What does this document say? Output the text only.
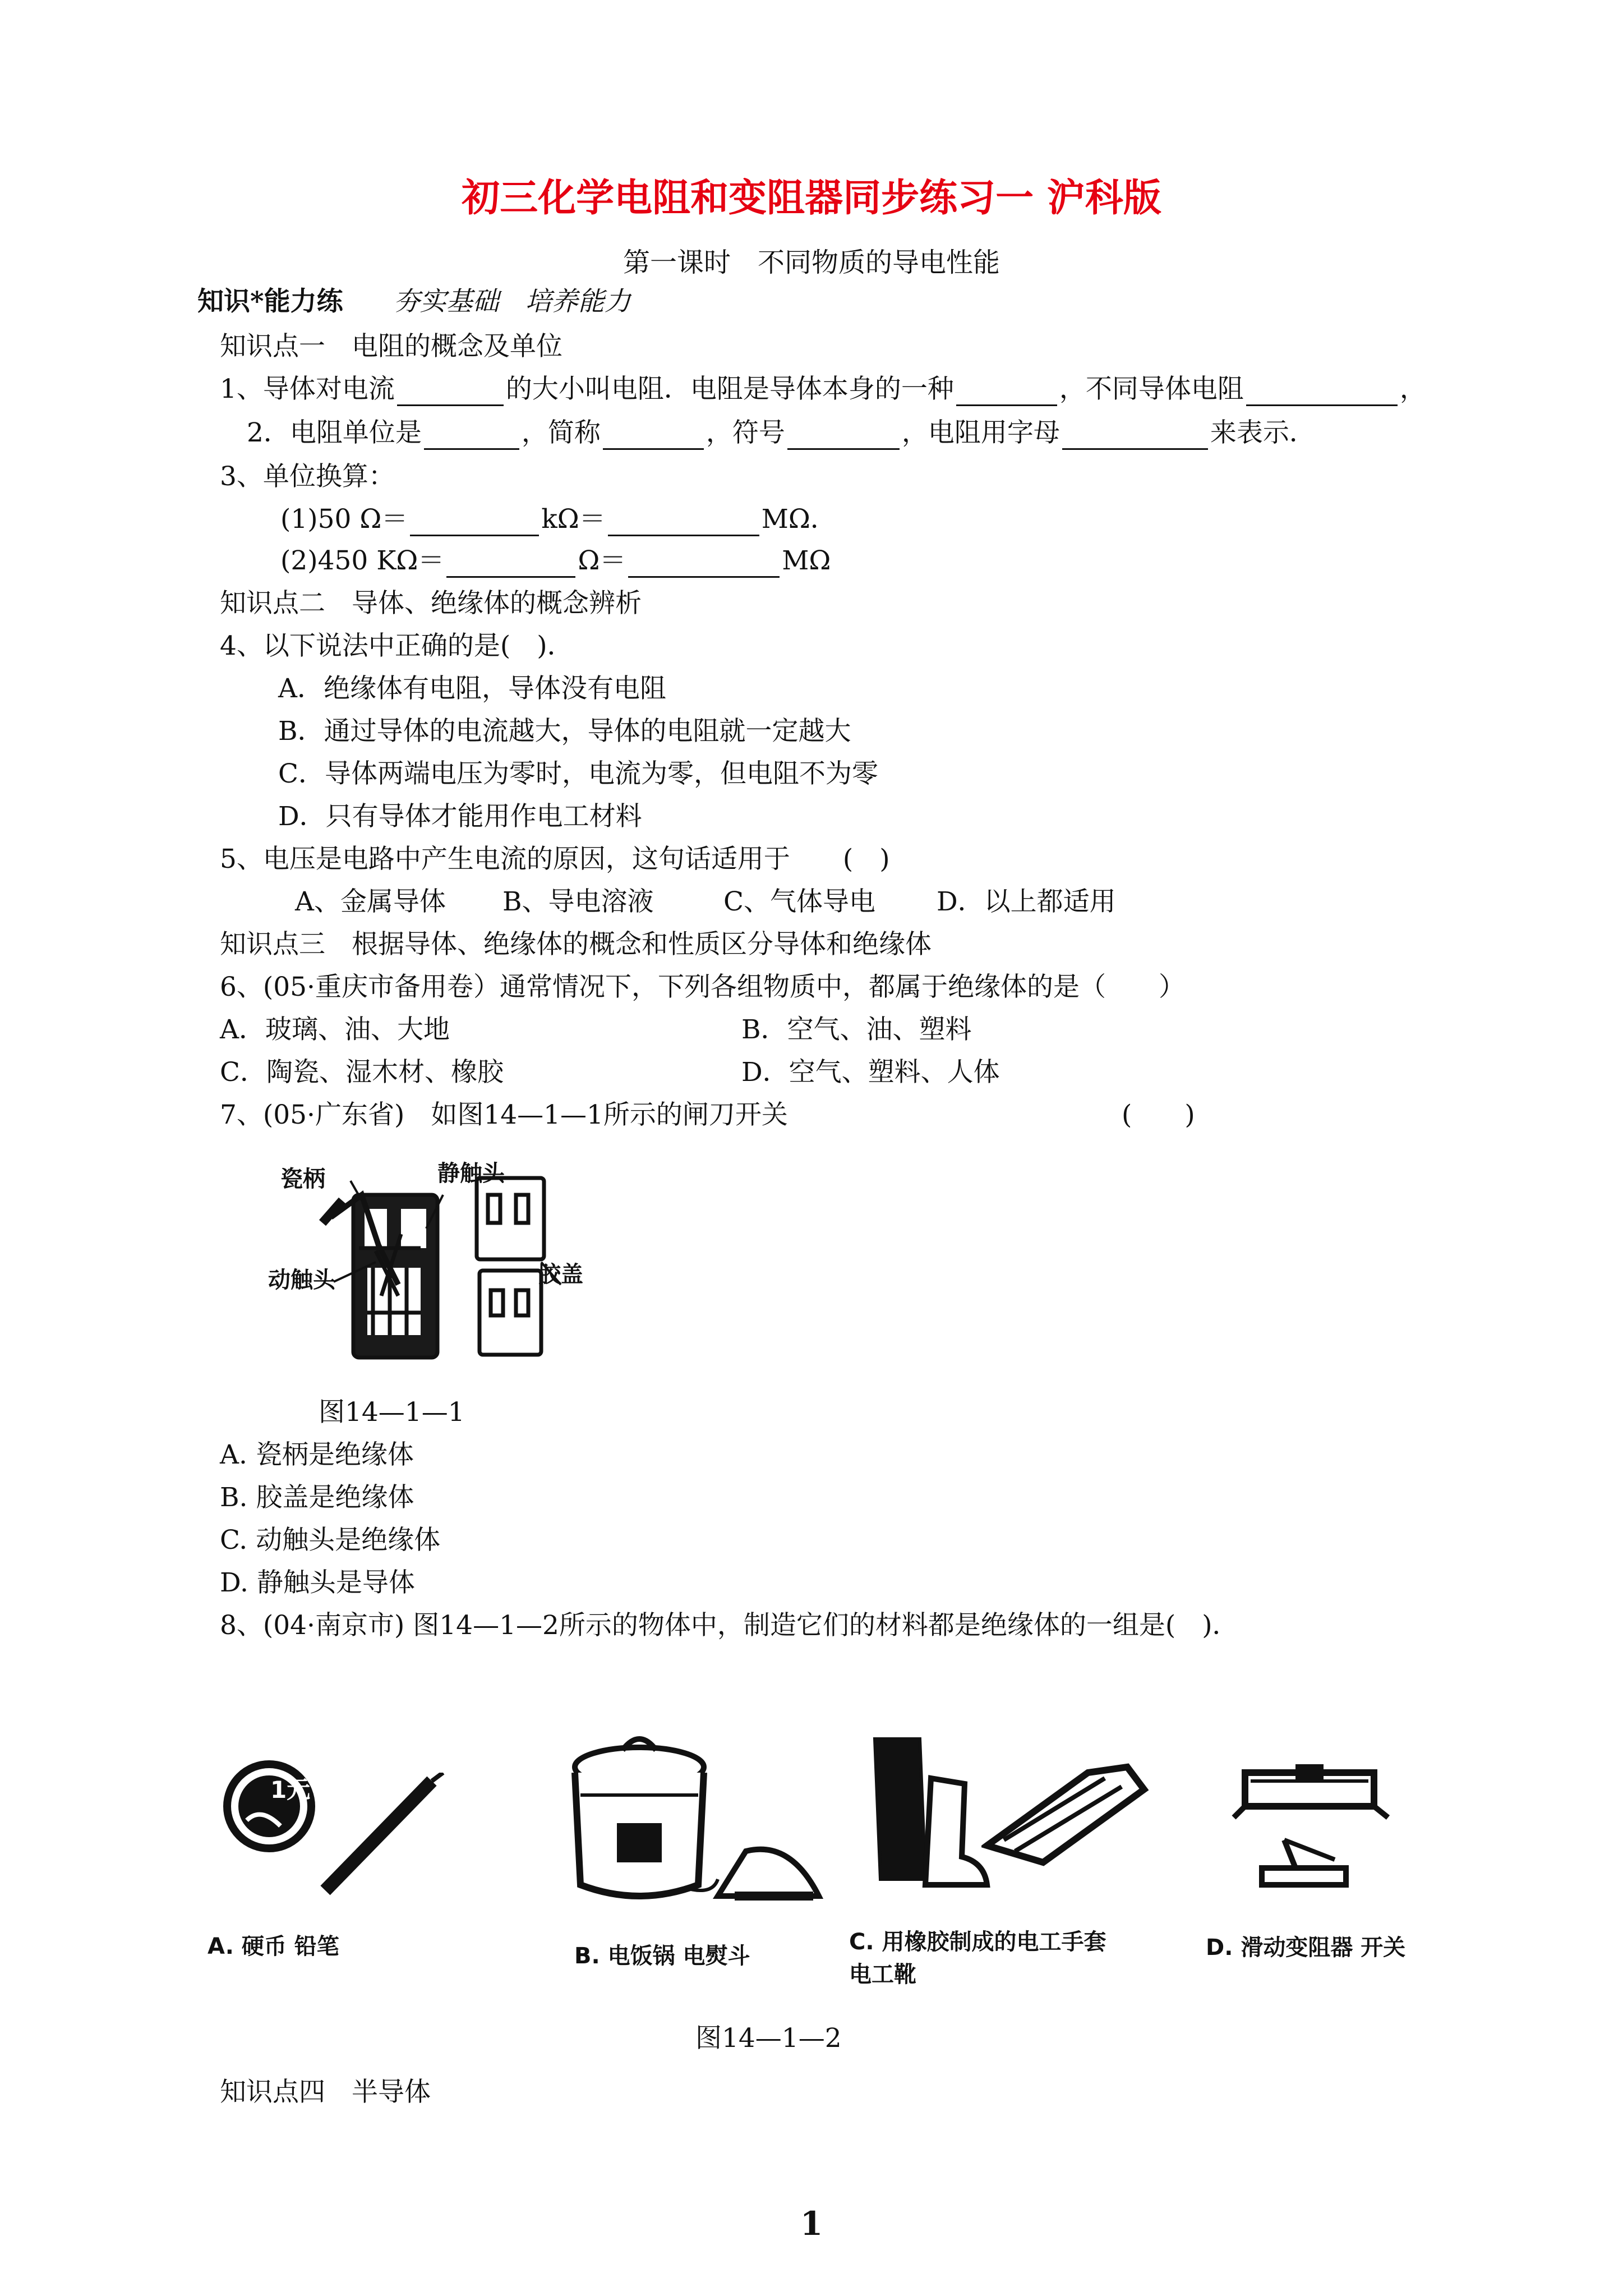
初三化学电阻和变阻器同步练习一 沪科版
第一课时　不同物质的导电性能
知识*能力练 夯实基础　培养能力
知识点一　电阻的概念及单位
1、导体对电流	的大小叫电阻．电阻是导体本身的一种	，不同导体电阻	，
2．电阻单位是	，简称	，符号	，电阻用字母	来表示．
3、单位换算：
(1)50 Ω＝	kΩ＝	MΩ．
(2)450 KΩ＝	Ω＝	MΩ
知识点二　导体、绝缘体的概念辨析
4、以下说法中正确的是(　)．
A．绝缘体有电阻，导体没有电阻
B．通过导体的电流越大，导体的电阻就一定越大
C．导体两端电压为零时，电流为零，但电阻不为零
D．只有导体才能用作电工材料
5、电压是电路中产生电流的原因，这句话适用于　　(　)
A、金属导体 B、导电溶液	C、气体导电 D．以上都适用
知识点三　根据导体、绝缘体的概念和性质区分导体和绝缘体
6、(05·重庆市备用卷）通常情况下，下列各组物质中，都属于绝缘体的是（　　）
A．玻璃、油、大地	B．空气、油、塑料
C．陶瓷、湿木材、橡胶	D．空气、塑料、人体
7、(05·广东省)　如图14—1—1所示的闸刀开关	(　　)
瓷柄	静触头
动触头	胶盖
图14—1—1
A. 瓷柄是绝缘体
B. 胶盖是绝缘体
C. 动触头是绝缘体
D. 静触头是导体
8、(04·南京市) 图14—1—2所示的物体中，制造它们的材料都是绝缘体的一组是(　)．
1元
A. 硬币 铅笔	B. 电饭锅 电熨斗
C. 用橡胶制成的电工手套
电工靴
D. 滑动变阻器 开关
图14—1—2
知识点四　半导体
1
